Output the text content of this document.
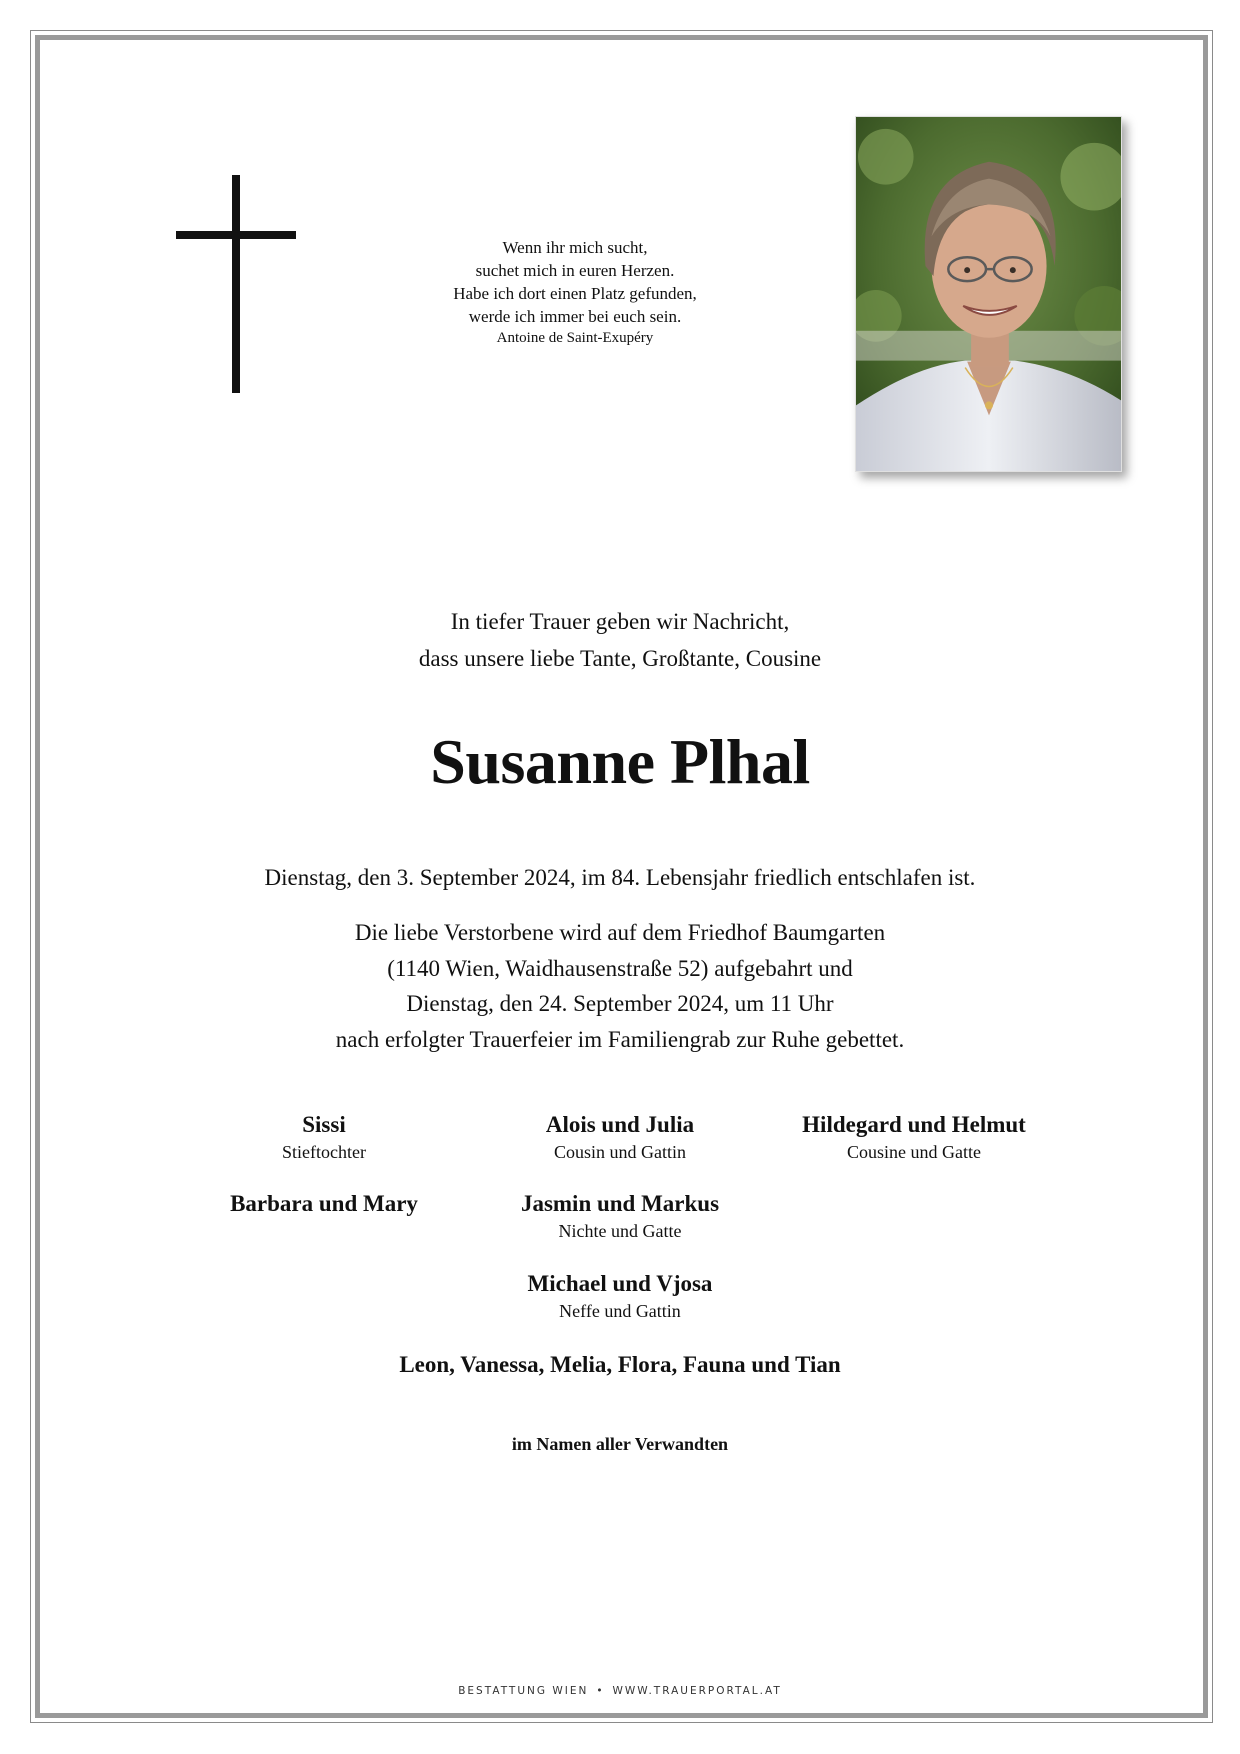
Wenn ihr mich sucht,
suchet mich in euren Herzen.
Habe ich dort einen Platz gefunden,
werde ich immer bei euch sein.
Antoine de Saint-Exupéry
In tiefer Trauer geben wir Nachricht,
dass unsere liebe Tante, Großtante, Cousine
Susanne Plhal
Dienstag, den 3. September 2024, im 84. Lebensjahr friedlich entschlafen ist.

Die liebe Verstorbene wird auf dem Friedhof Baumgarten

(1140 Wien, Waidhausenstraße 52) aufgebahrt und

Dienstag, den 24. September 2024, um 11 Uhr

nach erfolgter Trauerfeier im Familiengrab zur Ruhe gebettet.

Sissi
Stieftochter
Alois und Julia
Cousin und Gattin
Hildegard und Helmut
Cousine und Gatte
Barbara und Mary	Jasmin und Markus
Nichte und Gatte
Michael und Vjosa
Neffe und Gattin
Leon, Vanessa, Melia, Flora, Fauna und Tian
im Namen aller Verwandten
BESTATTUNG WIEN • WWW.TRAUERPORTAL.AT
